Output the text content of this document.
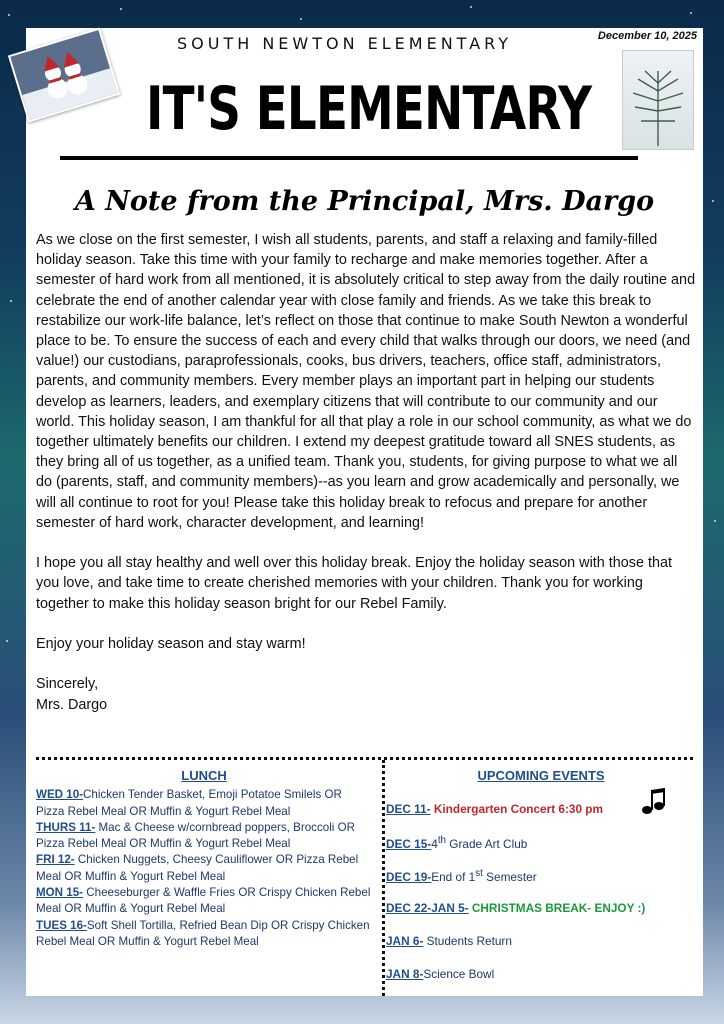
SOUTH NEWTON ELEMENTARY	December 10, 2025
IT'S ELEMENTARY
A Note from the Principal, Mrs. Dargo

As we close on the first semester, I wish all students, parents, and staff a relaxing and family-filled holiday season. Take this time with your family to recharge and make memories together. After a semester of hard work from all mentioned, it is absolutely critical to step away from the daily routine and celebrate the end of another calendar year with close family and friends. As we take this break to restabilize our work-life balance, let’s reflect on those that continue to make South Newton a wonderful place to be. To ensure the success of each and every child that walks through our doors, we need (and value!) our custodians, paraprofessionals, cooks, bus drivers, teachers, office staff, administrators, parents, and community members. Every member plays an important part in helping our students develop as learners, leaders, and exemplary citizens that will contribute to our community and our world. This holiday season, I am thankful for all that play a role in our school community, as what we do together ultimately benefits our children. I extend my deepest gratitude toward all SNES students, as they bring all of us together, as a unified team. Thank you, students, for giving purpose to what we all do (parents, staff, and community members)--as you learn and grow academically and personally, we will all continue to root for you! Please take this holiday break to refocus and prepare for another semester of hard work, character development, and learning!

I hope you all stay healthy and well over this holiday break. Enjoy the holiday season with those that you love, and take time to create cherished memories with your children. Thank you for working together to make this holiday season bright for our Rebel Family.

Enjoy your holiday season and stay warm!

Sincerely,

Mrs. Dargo

LUNCH
WED 10-Chicken Tender Basket, Emoji Potatoe Smilels OR Pizza Rebel Meal OR Muffin & Yogurt Rebel Meal
THURS 11- Mac & Cheese w/cornbread poppers, Broccoli OR Pizza Rebel Meal OR Muffin & Yogurt Rebel Meal
FRI 12- Chicken Nuggets, Cheesy Cauliflower OR Pizza Rebel Meal OR Muffin & Yogurt Rebel Meal
MON 15- Cheeseburger & Waffle Fries OR Crispy Chicken Rebel Meal OR Muffin & Yogurt Rebel Meal
TUES 16-Soft Shell Tortilla, Refried Bean Dip OR Crispy Chicken Rebel Meal OR Muffin & Yogurt Rebel Meal
UPCOMING EVENTS
DEC 11- Kindergarten Concert 6:30 pm
DEC 15-4th Grade Art Club
DEC 19-End of 1st Semester
DEC 22-JAN 5- CHRISTMAS BREAK- ENJOY :)
JAN 6- Students Return
JAN 8-Science Bowl
